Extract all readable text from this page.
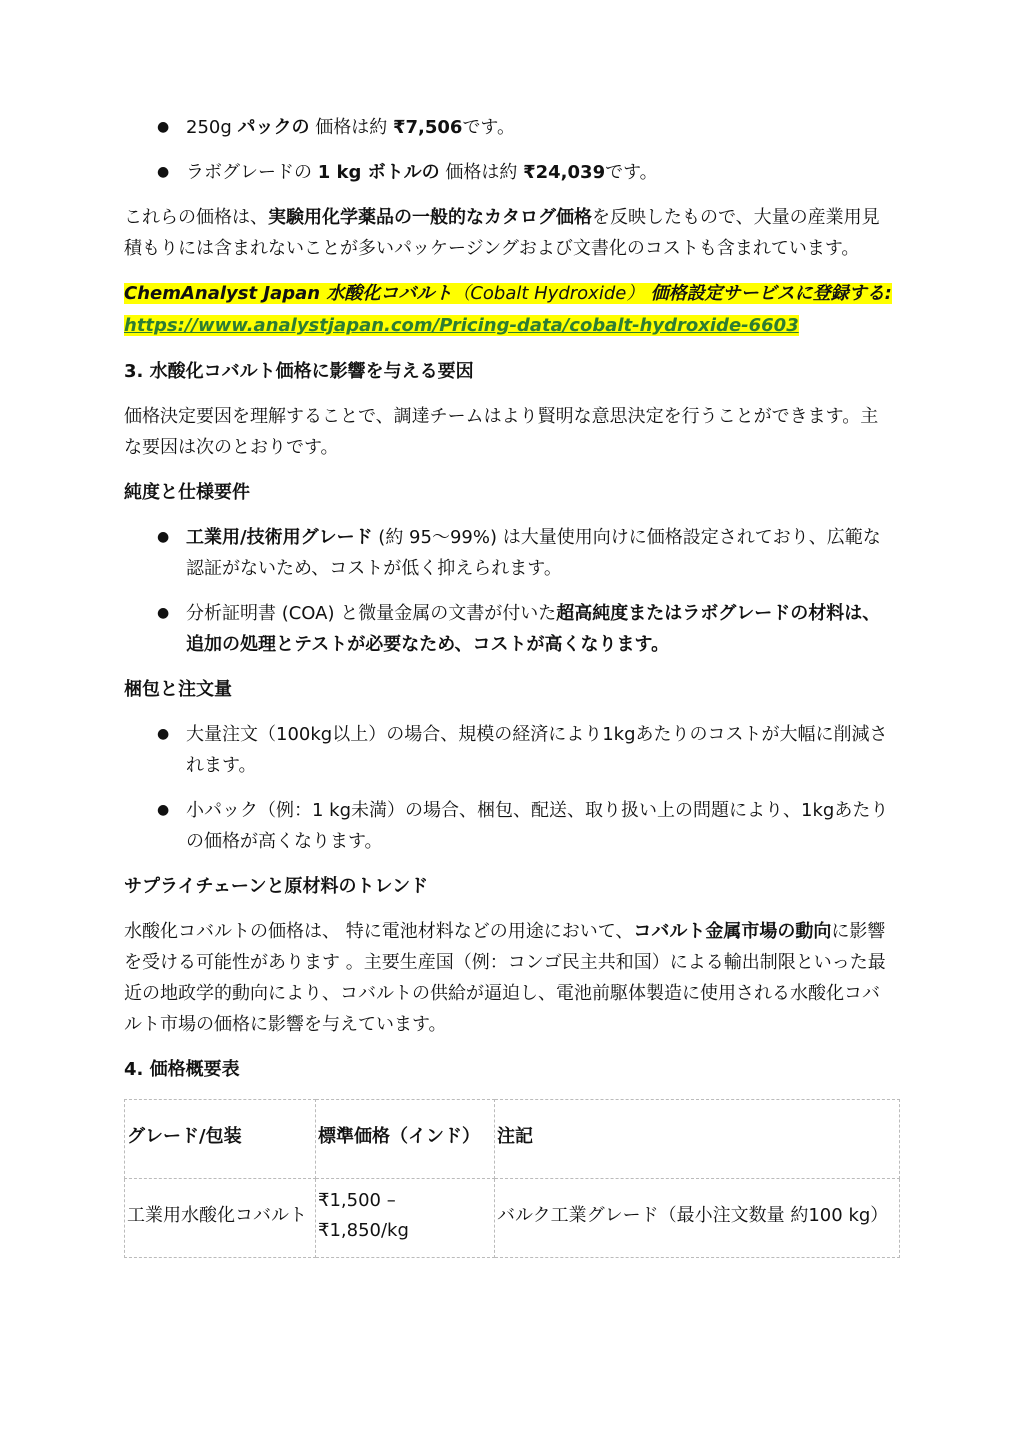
● 250g パックの 価格は約 ₹7,506です。
● ラボグレードの 1 kg ボトルの 価格は約 ₹24,039です。

これらの価格は、実験用化学薬品の一般的なカタログ価格を反映したもので、大量の産業用見積もりには含まれないことが多いパッケージングおよび文書化のコストも含まれています。

ChemAnalyst Japan 水酸化コバルト（Cobalt Hydroxide） 価格設定サービスに登録する: https://www.analystjapan.com/Pricing-data/cobalt-hydroxide-6603
3. 水酸化コバルト価格に影響を与える要因

価格決定要因を理解することで、調達チームはより賢明な意思決定を行うことができます。主な要因は次のとおりです。

純度と仕様要件
● 工業用/技術用グレード (約 95〜99%) は大量使用向けに価格設定されており、広範な認証がないため、コストが低く抑えられます。
● 分析証明書 (COA) と微量金属の文書が付いた超高純度またはラボグレードの材料は、追加の処理とテストが必要なため、コストが高くなります。
梱包と注文量
● 大量注文（100kg以上）の場合、規模の経済により1kgあたりのコストが大幅に削減されます。
● 小パック（例：1 kg未満）の場合、梱包、配送、取り扱い上の問題により、1kgあたりの価格が高くなります。
サプライチェーンと原材料のトレンド

水酸化コバルトの価格は、 特に電池材料などの用途において、コバルト金属市場の動向に影響を受ける可能性があります 。主要生産国（例：コンゴ民主共和国）による輸出制限といった最近の地政学的動向により、コバルトの供給が逼迫し、電池前駆体製造に使用される水酸化コバルト市場の価格に影響を与えています。

4. 価格概要表
グレード/包装	標準価格（インド）	注記
工業用水酸化コバルト	₹1,500 – ₹1,850/kg	バルク工業グレード（最小注文数量 約100 kg）
